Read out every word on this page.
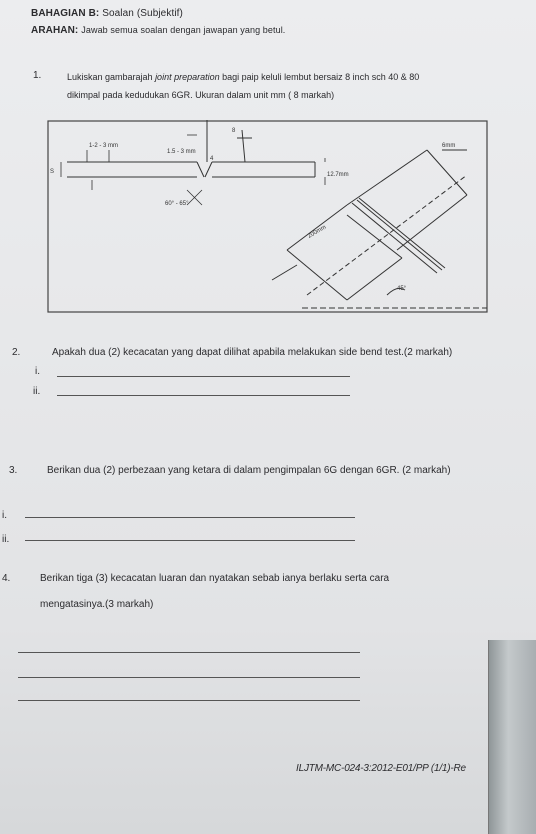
BAHAGIAN B: Soalan (Subjektif)
ARAHAN: Jawab semua soalan dengan jawapan yang betul.
1.	Lukiskan gambarajah joint preparation bagi paip keluli lembut bersaiz 8 inch sch 40 & 80
dikimpal pada kedudukan 6GR. Ukuran dalam unit mm ( 8 markah)
1-2 - 3 mm
1.5 - 3 mm
4
S
60° - 65°
12.7mm
200mm
45°
6mm
8
2.	Apakah dua (2) kecacatan yang dapat dilihat apabila melakukan side bend test.(2 markah)
i.
ii.
3.	Berikan dua (2) perbezaan yang ketara di dalam pengimpalan 6G dengan 6GR. (2 markah)
i.
ii.
4.	Berikan tiga (3) kecacatan luaran dan nyatakan sebab ianya berlaku serta cara
mengatasinya.(3 markah)
ILJTM-MC-024-3:2012-E01/PP (1/1)-Re
